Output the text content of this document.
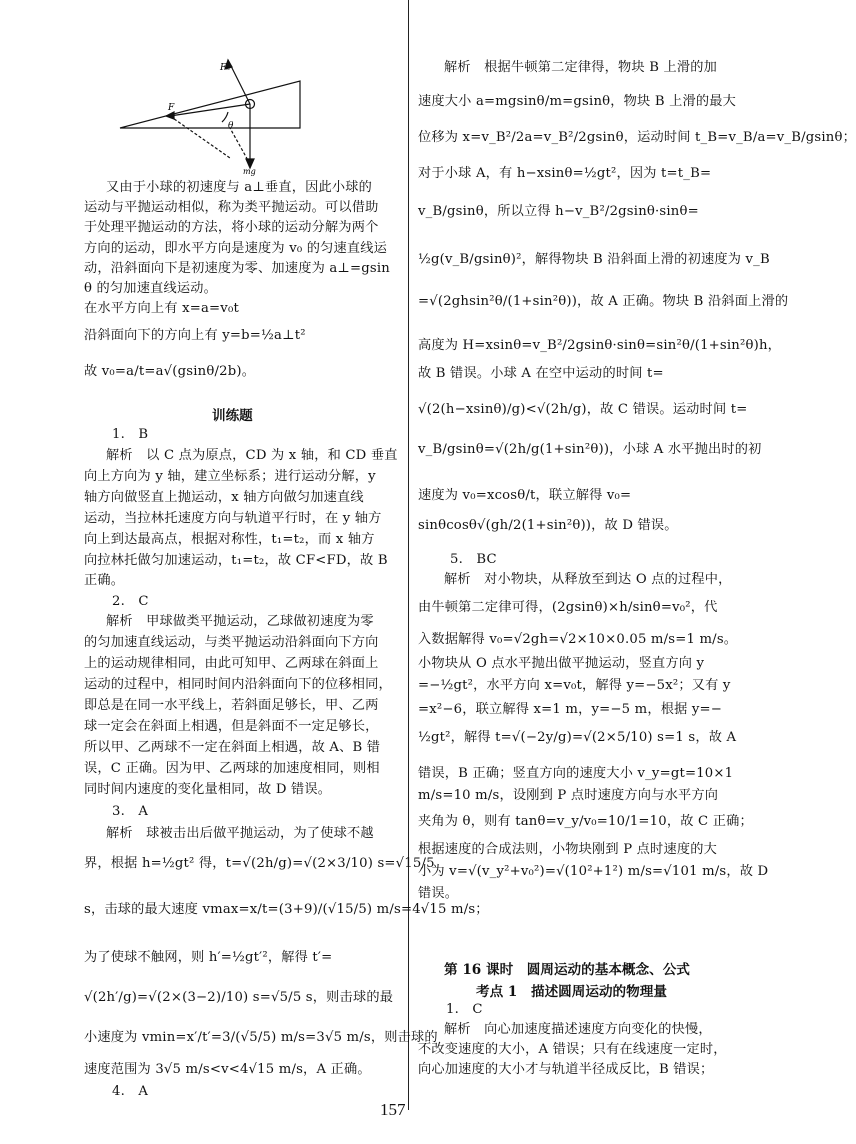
Fₙ
F
θ
mg
又由于小球的初速度与 a⊥垂直，因此小球的
运动与平抛运动相似，称为类平抛运动。可以借助
于处理平抛运动的方法，将小球的运动分解为两个
方向的运动，即水平方向是速度为 v₀ 的匀速直线运
动，沿斜面向下是初速度为零、加速度为 a⊥=gsin
θ 的匀加速直线运动。
在水平方向上有 x=a=v₀t
沿斜面向下的方向上有 y=b=½a⊥t²
故 v₀=a/t=a√(gsinθ/2b)。
训练题
1.　B
解析　以 C 点为原点，CD 为 x 轴，和 CD 垂直
向上方向为 y 轴，建立坐标系；进行运动分解，y
轴方向做竖直上抛运动，x 轴方向做匀加速直线
运动，当拉林托速度方向与轨道平行时，在 y 轴方
向上到达最高点，根据对称性，t₁=t₂，而 x 轴方
向拉林托做匀加速运动，t₁=t₂，故 CF<FD，故 B
正确。
2.　C
解析　甲球做类平抛运动，乙球做初速度为零
的匀加速直线运动，与类平抛运动沿斜面向下方向
上的运动规律相同，由此可知甲、乙两球在斜面上
运动的过程中，相同时间内沿斜面向下的位移相同，
即总是在同一水平线上，若斜面足够长，甲、乙两
球一定会在斜面上相遇，但是斜面不一定足够长，
所以甲、乙两球不一定在斜面上相遇，故 A、B 错
误，C 正确。因为甲、乙两球的加速度相同，则相
同时间内速度的变化量相同，故 D 错误。
3.　A
解析　球被击出后做平抛运动，为了使球不越
界，根据 h=½gt² 得，t=√(2h/g)=√(2×3/10) s=√15/5
s，击球的最大速度 vmax=x/t=(3+9)/(√15/5) m/s=4√15 m/s；
为了使球不触网，则 h′=½gt′²，解得 t′=
√(2h′/g)=√(2×(3−2)/10) s=√5/5 s，则击球的最
小速度为 vmin=x′/t′=3/(√5/5) m/s=3√5 m/s，则击球的
速度范围为 3√5 m/s<v<4√15 m/s，A 正确。
4.　A
解析　根据牛顿第二定律得，物块 B 上滑的加
速度大小 a=mgsinθ/m=gsinθ，物块 B 上滑的最大
位移为 x=v_B²/2a=v_B²/2gsinθ，运动时间 t_B=v_B/a=v_B/gsinθ；
对于小球 A，有 h−xsinθ=½gt²，因为 t=t_B=
v_B/gsinθ，所以立得 h−v_B²/2gsinθ·sinθ=
½g(v_B/gsinθ)²，解得物块 B 沿斜面上滑的初速度为 v_B
=√(2ghsin²θ/(1+sin²θ))，故 A 正确。物块 B 沿斜面上滑的
高度为 H=xsinθ=v_B²/2gsinθ·sinθ=sin²θ/(1+sin²θ)h，
故 B 错误。小球 A 在空中运动的时间 t=
√(2(h−xsinθ)/g)<√(2h/g)，故 C 错误。运动时间 t=
v_B/gsinθ=√(2h/g(1+sin²θ))，小球 A 水平抛出时的初
速度为 v₀=xcosθ/t，联立解得 v₀=
sinθcosθ√(gh/2(1+sin²θ))，故 D 错误。
5.　BC
解析　对小物块，从释放至到达 O 点的过程中，
由牛顿第二定律可得，(2gsinθ)×h/sinθ=v₀²，代
入数据解得 v₀=√2gh=√2×10×0.05 m/s=1 m/s。
小物块从 O 点水平抛出做平抛运动，竖直方向 y
=−½gt²，水平方向 x=v₀t，解得 y=−5x²；又有 y
=x²−6，联立解得 x=1 m，y=−5 m，根据 y=−
½gt²，解得 t=√(−2y/g)=√(2×5/10) s=1 s，故 A
错误，B 正确；竖直方向的速度大小 v_y=gt=10×1
m/s=10 m/s，设刚到 P 点时速度方向与水平方向
夹角为 θ，则有 tanθ=v_y/v₀=10/1=10，故 C 正确；
根据速度的合成法则，小物块刚到 P 点时速度的大
小为 v=√(v_y²+v₀²)=√(10²+1²) m/s=√101 m/s，故 D
错误。
第 16 课时　圆周运动的基本概念、公式
考点 1　描述圆周运动的物理量
1.　C
解析　向心加速度描述速度方向变化的快慢，
不改变速度的大小，A 错误；只有在线速度一定时，
向心加速度的大小才与轨道半径成反比，B 错误；
157
